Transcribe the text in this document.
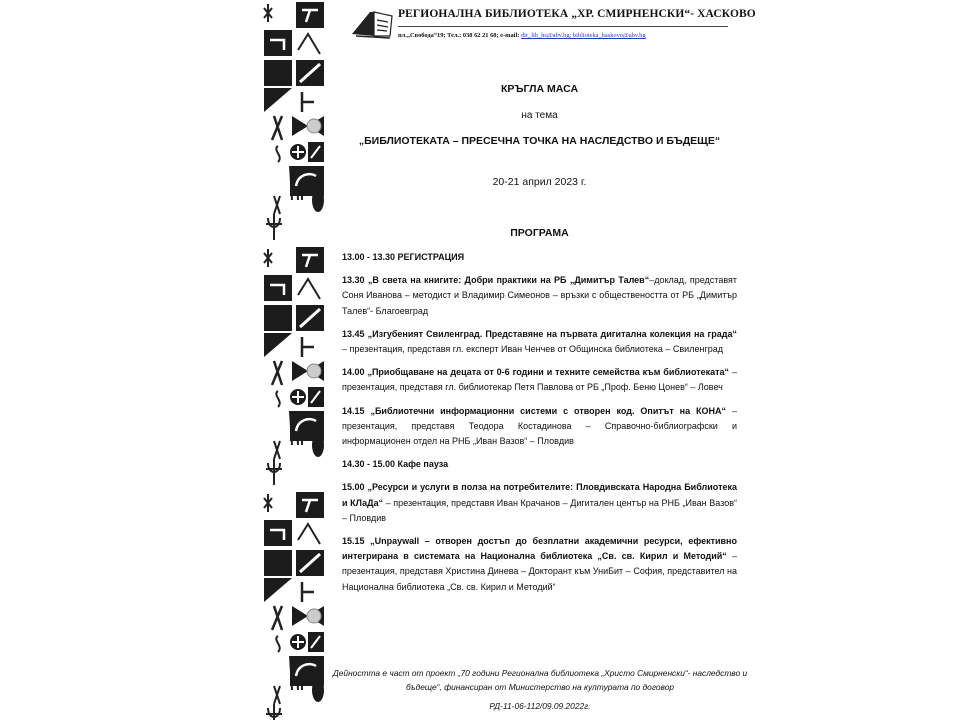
РЕГИОНАЛНА БИБЛИОТЕКА „ХР. СМИРНЕНСКИ“- ХАСКОВО
пл.„Свобода“19; Тел.: 038 62 21 68; e-mail: dir_lib_hs@abv.bg; biblioteka_haskovo@abv.bg
КРЪГЛА МАСА
на тема
„БИБЛИОТЕКАТА – ПРЕСЕЧНА ТОЧКА НА НАСЛЕДСТВО И БЪДЕЩЕ“
20-21 април 2023 г.
ПРОГРАМА

13.00 - 13.30 РЕГИСТРАЦИЯ

13.30 „В света на книгите: Добри практики на РБ „Димитър Талев“–доклад, представят Соня Иванова – методист и Владимир Симеонов – връзки с обществеността от РБ „Димитър Талев“- Благоевград

13.45 „Изгубеният Свиленград. Представяне на първата дигитална колекция на града“ – презентация, представя гл. експерт Иван Ченчев от Общинска библиотека – Свиленград

14.00 „Приобщаване на децата от 0-6 години и техните семейства към библиотеката“ – презентация, представя гл. библиотекар Петя Павлова от РБ „Проф. Беню Цонев“ – Ловеч

14.15 „Библиотечни информационни системи с отворен код. Опитът на КОНА“ – презентация, представя Теодора Костадинова – Справочно-библиографски и информационен отдел на РНБ „Иван Вазов“ – Пловдив

14.30 - 15.00 Кафе пауза

15.00 „Ресурси и услуги в полза на потребителите: Пловдивската Народна Библиотека и КЛаДа“ – презентация, представя Иван Крачанов – Дигитален център на РНБ „Иван Вазов“ – Пловдив

15.15 „Unpaywall – отворен достъп до безплатни академични ресурси, ефективно интегрирана в системата на Национална библиотека „Св. св. Кирил и Методий“ – презентация, представя Христина Динева – Докторант към УниБит – София, представител на Национална библиотека „Св. св. Кирил и Методий“

Дейността е част от проект „70 години Регионална библиотека „Христо Смирненски“- наследство и бъдеще“, финансиран от Министерство на културата по договор
РД-11-06-112/09.09.2022г.
